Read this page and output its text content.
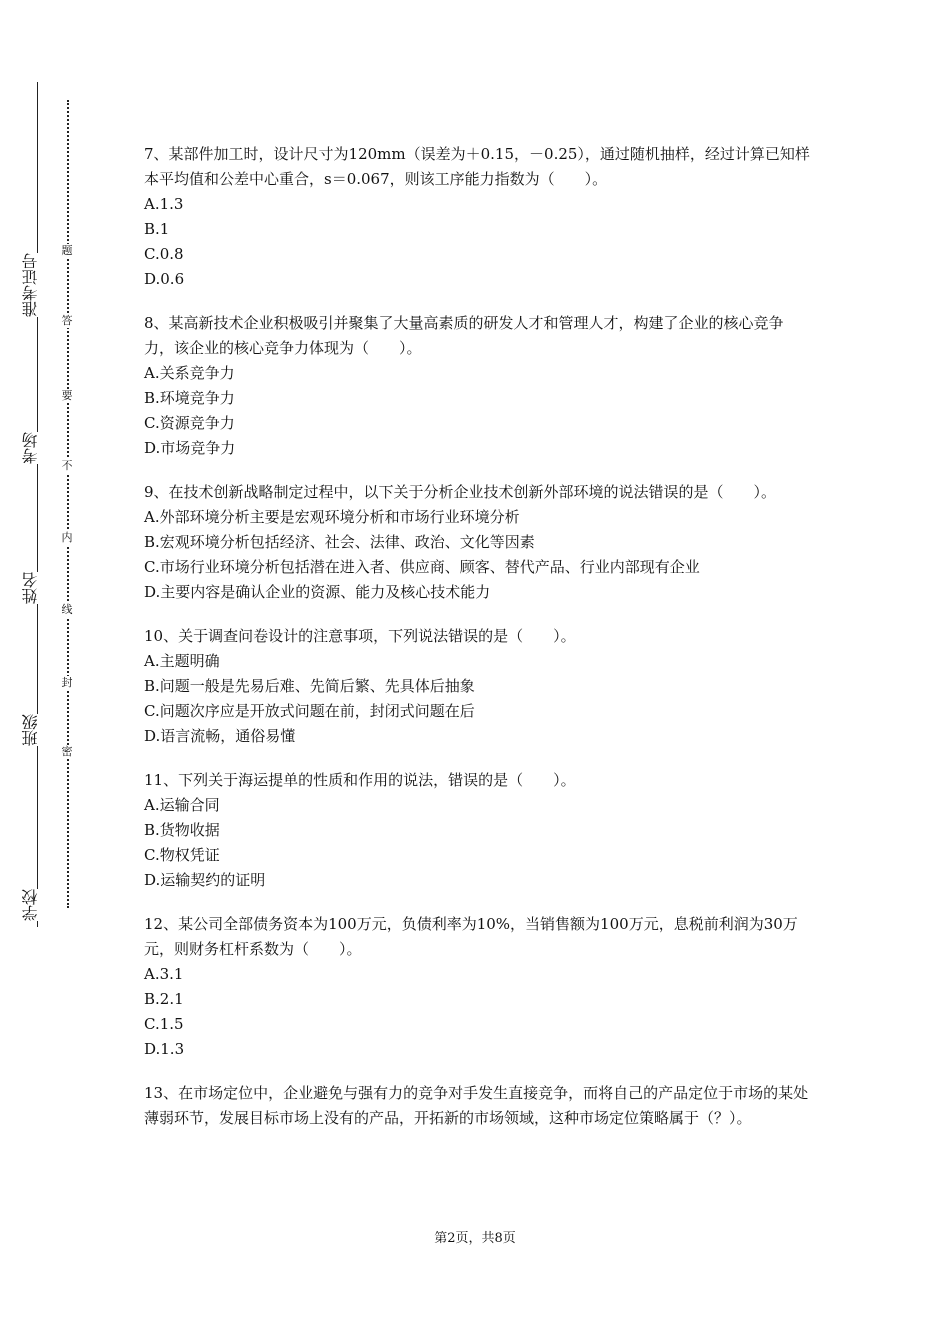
准考证号
考场
姓名
班级
学校
题
答
要
不
内
线
封
密

7、某部件加工时，设计尺寸为120mm（误差为＋0.15，－0.25），通过随机抽样，经过计算已知样本平均值和公差中心重合，s＝0.067，则该工序能力指数为（　　）。

A.1.3

B.1

C.0.8

D.0.6

8、某高新技术企业积极吸引并聚集了大量高素质的研发人才和管理人才，构建了企业的核心竞争力，该企业的核心竞争力体现为（　　）。

A.关系竞争力

B.环境竞争力

C.资源竞争力

D.市场竞争力

9、在技术创新战略制定过程中，以下关于分析企业技术创新外部环境的说法错误的是（　　）。

A.外部环境分析主要是宏观环境分析和市场行业环境分析

B.宏观环境分析包括经济、社会、法律、政治、文化等因素

C.市场行业环境分析包括潜在进入者、供应商、顾客、替代产品、行业内部现有企业

D.主要内容是确认企业的资源、能力及核心技术能力

10、关于调查问卷设计的注意事项，下列说法错误的是（　　）。

A.主题明确

B.问题一般是先易后难、先简后繁、先具体后抽象

C.问题次序应是开放式问题在前，封闭式问题在后

D.语言流畅，通俗易懂

11、下列关于海运提单的性质和作用的说法，错误的是（　　）。

A.运输合同

B.货物收据

C.物权凭证

D.运输契约的证明

12、某公司全部债务资本为100万元，负债利率为10%，当销售额为100万元，息税前利润为30万元，则财务杠杆系数为（　　）。

A.3.1

B.2.1

C.1.5

D.1.3

13、在市场定位中，企业避免与强有力的竞争对手发生直接竞争，而将自己的产品定位于市场的某处薄弱环节，发展目标市场上没有的产品，开拓新的市场领域，这种市场定位策略属于（？）。

第2页，共8页
